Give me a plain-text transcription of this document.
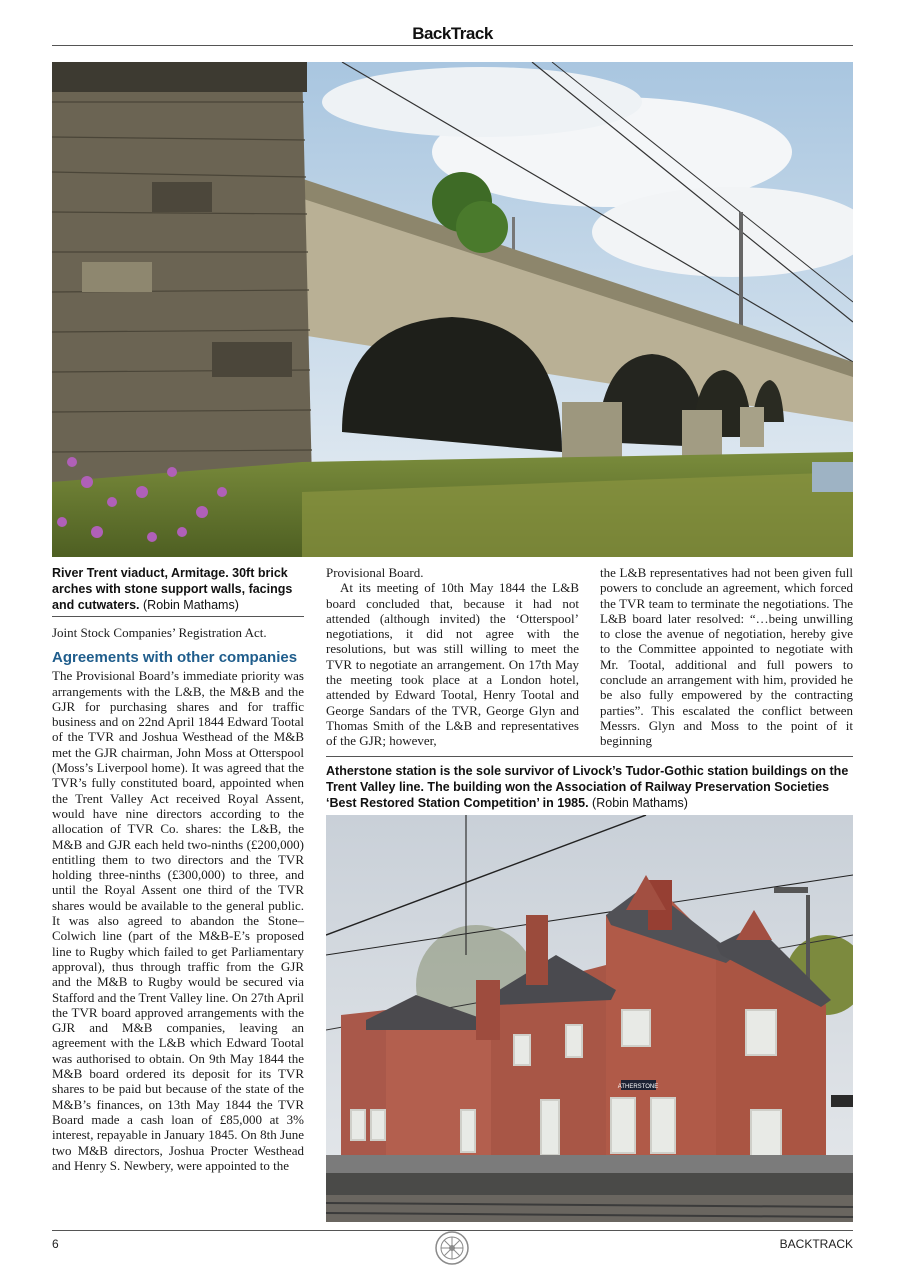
BackTrack
River Trent viaduct, Armitage. 30ft brick arches with stone support walls, facings and cutwaters. (Robin Mathams)

Joint Stock Companies’ Registration Act.

Agreements with other companies

The Provisional Board’s immediate priority was arrangements with the L&B, the M&B and the GJR for purchasing shares and for traffic business and on 22nd April 1844 Edward Tootal of the TVR and Joshua Westhead of the M&B met the GJR chairman, John Moss at Otterspool (Moss’s Liverpool home). It was agreed that the TVR’s fully constituted board, appointed when the Trent Valley Act received Royal Assent, would have nine directors according to the allocation of TVR Co. shares: the L&B, the M&B and GJR each held two-ninths (£200,000) entitling them to two directors and the TVR holding three-ninths (£300,000) to three, and until the Royal Assent one third of the TVR shares would be available to the general public. It was also agreed to abandon the Stone–Colwich line (part of the M&B-E’s proposed line to Rugby which failed to get Parliamentary approval), thus through traffic from the GJR and the M&B to Rugby would be secured via Stafford and the Trent Valley line. On 27th April the TVR board approved arrangements with the GJR and M&B companies, leaving an agreement with the L&B which Edward Tootal was authorised to obtain. On 9th May 1844 the M&B board ordered its deposit for its TVR shares to be paid but because of the state of the M&B’s finances, on 13th May 1844 the TVR Board made a cash loan of £85,000 at 3% interest, repayable in January 1845. On 8th June two M&B directors, Joshua Procter Westhead and Henry S. Newbery, were appointed to the

Provisional Board.

At its meeting of 10th May 1844 the L&B board concluded that, because it had not attended (although invited) the ‘Otterspool’ negotiations, it did not agree with the resolutions, but was still willing to meet the TVR to negotiate an arrangement. On 17th May the meeting took place at a London hotel, attended by Edward Tootal, Henry Tootal and George Sandars of the TVR, George Glyn and Thomas Smith of the L&B and representatives of the GJR; however,

the L&B representatives had not been given full powers to conclude an agreement, which forced the TVR team to terminate the negotiations. The L&B board later resolved: “…being unwilling to close the avenue of negotiation, hereby give to the Committee appointed to negotiate with Mr. Tootal, additional and full powers to conclude an arrangement with him, provided he be also fully empowered by the contracting parties”. This escalated the conflict between Messrs. Glyn and Moss to the point of it beginning

Atherstone station is the sole survivor of Livock’s Tudor-Gothic station buildings on the Trent Valley line. The building won the Association of Railway Preservation Societies ‘Best Restored Station Competition’ in 1985. (Robin Mathams)
ATHERSTONE
6	BACKTRACK
